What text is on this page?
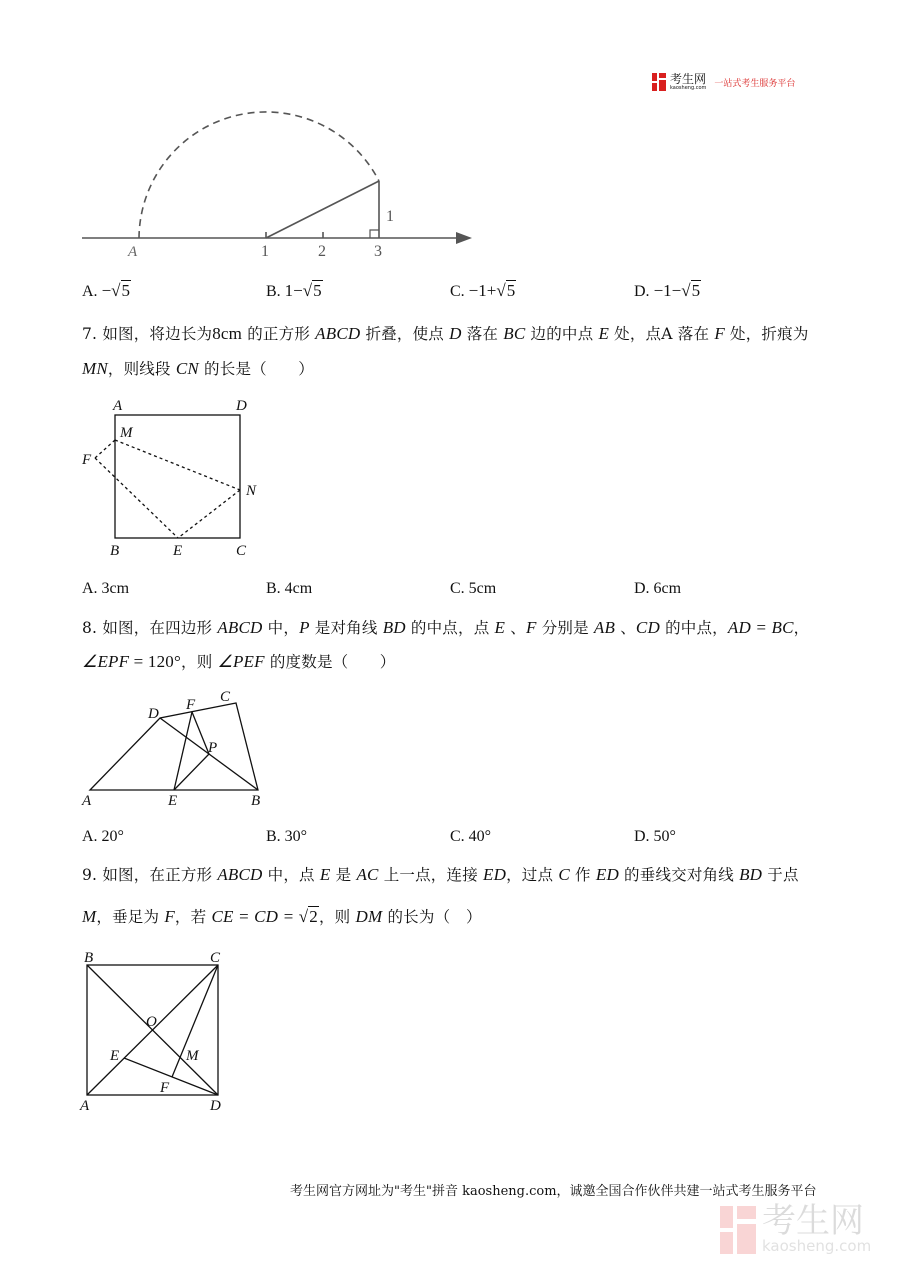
考生网
kaosheng.com 一站式考生服务平台
A	1	2	3
1
A	D
M
F
N
B	E	C
A	B
C
D
E
F
P
B	C
O
E	M
F
A	D
A. −√5	B. 1−√5	C. −1+√5	D. −1−√5
7. 如图，将边长为8cm 的正方形 ABCD 折叠，使点 D 落在 BC 边的中点 E 处，点A 落在 F 处，折痕为
MN，则线段 CN 的长是（　　）
A. 3cm	B. 4cm	C. 5cm	D. 6cm
8. 如图，在四边形 ABCD 中，P 是对角线 BD 的中点，点 E 、F 分别是 AB 、CD 的中点，AD = BC，
∠EPF = 120°，则 ∠PEF 的度数是（　　）
A. 20°	B. 30°	C. 40°	D. 50°
9. 如图，在正方形 ABCD 中，点 E 是 AC 上一点，连接 ED，过点 C 作 ED 的垂线交对角线 BD 于点
M，垂足为 F，若 CE = CD = √2，则 DM 的长为（　）
考生网官方网址为"考生"拼音 kaosheng.com，诚邀全国合作伙伴共建一站式考生服务平台
考生网
kaosheng.com
